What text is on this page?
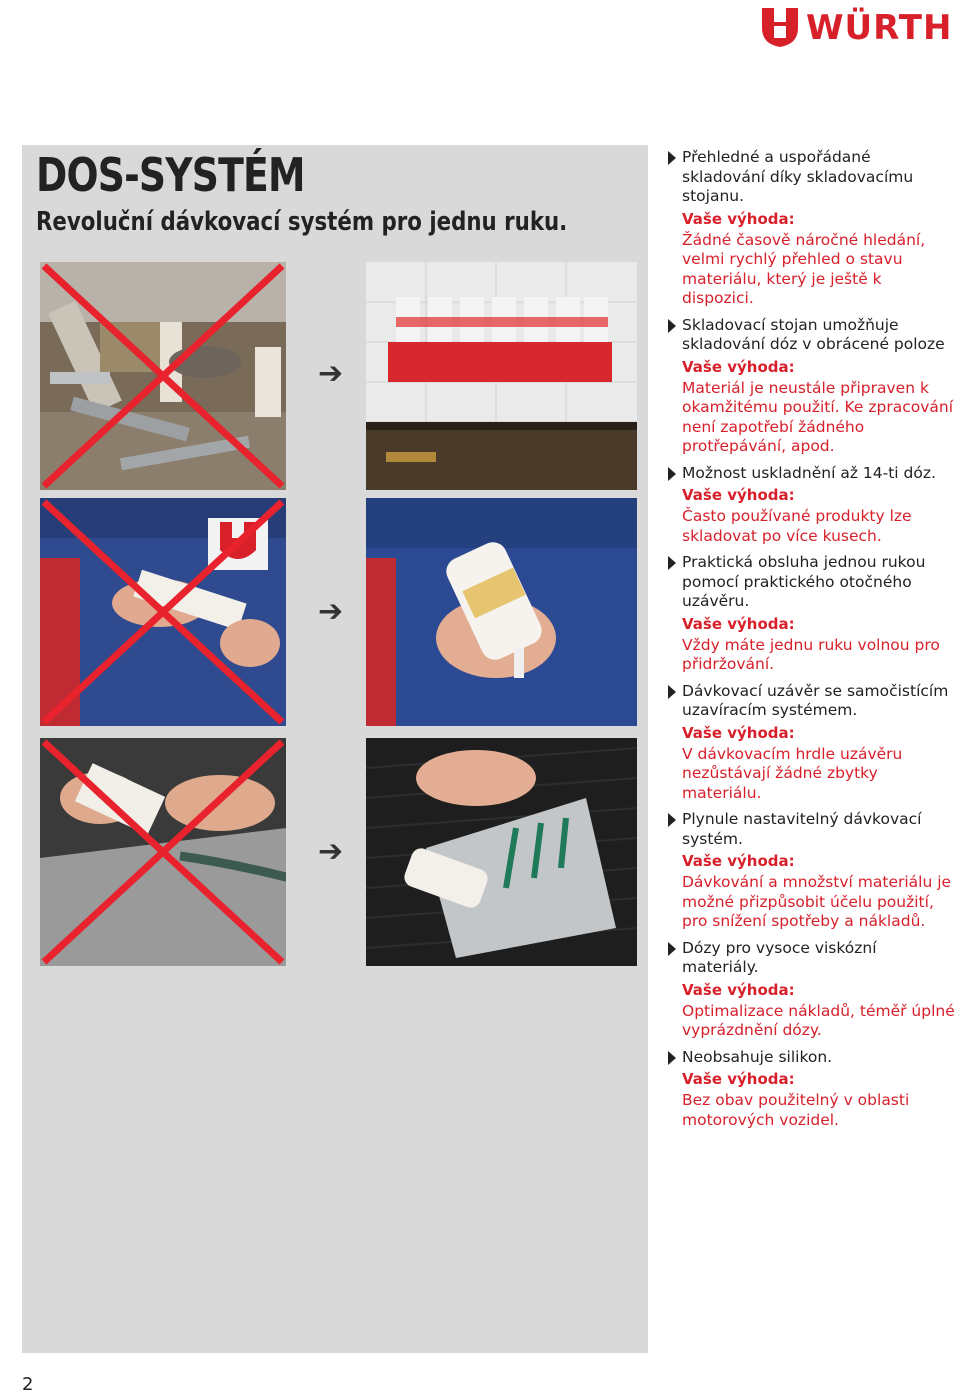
WÜRTH
DOS-SYSTÉM
Revoluční dávkovací systém pro jednu ruku.
➔
➔
➔
Přehledné a uspořádané skladování díky skladovacímu stojanu.
Vaše výhoda:
Žádné časově náročné hledání, velmi rychlý přehled o stavu materiálu, který je ještě k dispozici.
Skladovací stojan umožňuje skladování dóz v obrácené poloze
Vaše výhoda:
Materiál je neustále připraven k okamžitému použití. Ke zpracování není zapotřebí žádného protřepávání, apod.
Možnost uskladnění až 14-ti dóz.
Vaše výhoda:
Často používané produkty lze skladovat po více kusech.
Praktická obsluha jednou rukou pomocí praktického otočného uzávěru.
Vaše výhoda:
Vždy máte jednu ruku volnou pro přidržování.
Dávkovací uzávěr se samočistícím uzavíracím systémem.
Vaše výhoda:
V dávkovacím hrdle uzávěru nezůstávají žádné zbytky materiálu.
Plynule nastavitelný dávkovací systém.
Vaše výhoda:
Dávkování a množství materiálu je možné přizpůsobit účelu použití, pro snížení spotřeby a nákladů.
Dózy pro vysoce viskózní materiály.
Vaše výhoda:
Optimalizace nákladů, téměř úplné vyprázdnění dózy.
Neobsahuje silikon.
Vaše výhoda:
Bez obav použitelný v oblasti motorových vozidel.
2
